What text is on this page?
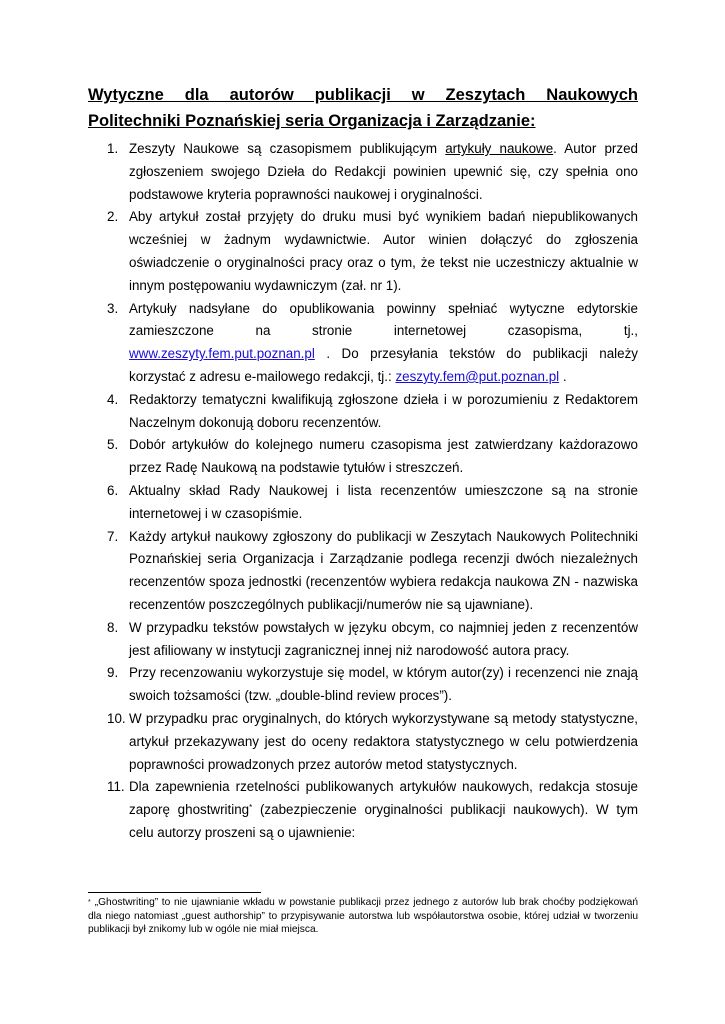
Wytyczne dla autorów publikacji w Zeszytach Naukowych
Politechniki Poznańskiej seria Organizacja i Zarządzanie:
1. Zeszyty Naukowe są czasopismem publikującym artykuły naukowe. Autor przed zgłoszeniem swojego Dzieła do Redakcji powinien upewnić się, czy spełnia ono podstawowe kryteria poprawności naukowej i oryginalności.
2. Aby artykuł został przyjęty do druku musi być wynikiem badań niepublikowanych wcześniej w żadnym wydawnictwie. Autor winien dołączyć do zgłoszenia oświadczenie o oryginalności pracy oraz o tym, że tekst nie uczestniczy aktualnie w innym postępowaniu wydawniczym (zał. nr 1).
3. Artykuły nadsyłane do opublikowania powinny spełniać wytyczne edytorskie
zamieszczone na stronie internetowej czasopisma, tj.,
www.zeszyty.fem.put.poznan.pl . Do przesyłania tekstów do publikacji należy korzystać z adresu e-mailowego redakcji, tj.: zeszyty.fem@put.poznan.pl .
4. Redaktorzy tematyczni kwalifikują zgłoszone dzieła i w porozumieniu z Redaktorem Naczelnym dokonują doboru recenzentów.
5. Dobór artykułów do kolejnego numeru czasopisma jest zatwierdzany każdorazowo przez Radę Naukową na podstawie tytułów i streszczeń.
6. Aktualny skład Rady Naukowej i lista recenzentów umieszczone są na stronie internetowej i w czasopiśmie.
7. Każdy artykuł naukowy zgłoszony do publikacji w Zeszytach Naukowych Politechniki Poznańskiej seria Organizacja i Zarządzanie podlega recenzji dwóch niezależnych recenzentów spoza jednostki (recenzentów wybiera redakcja naukowa ZN - nazwiska recenzentów poszczególnych publikacji/numerów nie są ujawniane).
8. W przypadku tekstów powstałych w języku obcym, co najmniej jeden z recenzentów jest afiliowany w instytucji zagranicznej innej niż narodowość autora pracy.
9. Przy recenzowaniu wykorzystuje się model, w którym autor(zy) i recenzenci nie znają swoich tożsamości (tzw. „double-blind review proces”).
10. W przypadku prac oryginalnych, do których wykorzystywane są metody statystyczne, artykuł przekazywany jest do oceny redaktora statystycznego w celu potwierdzenia poprawności prowadzonych przez autorów metod statystycznych.
11. Dla zapewnienia rzetelności publikowanych artykułów naukowych, redakcja stosuje zaporę ghostwriting* (zabezpieczenie oryginalności publikacji naukowych). W tym celu autorzy proszeni są o ujawnienie:
* „Ghostwriting” to nie ujawnianie wkładu w powstanie publikacji przez jednego z autorów lub brak choćby podziękowań dla niego natomiast „guest authorship” to przypisywanie autorstwa lub współautorstwa osobie, której udział w tworzeniu publikacji był znikomy lub w ogóle nie miał miejsca.
